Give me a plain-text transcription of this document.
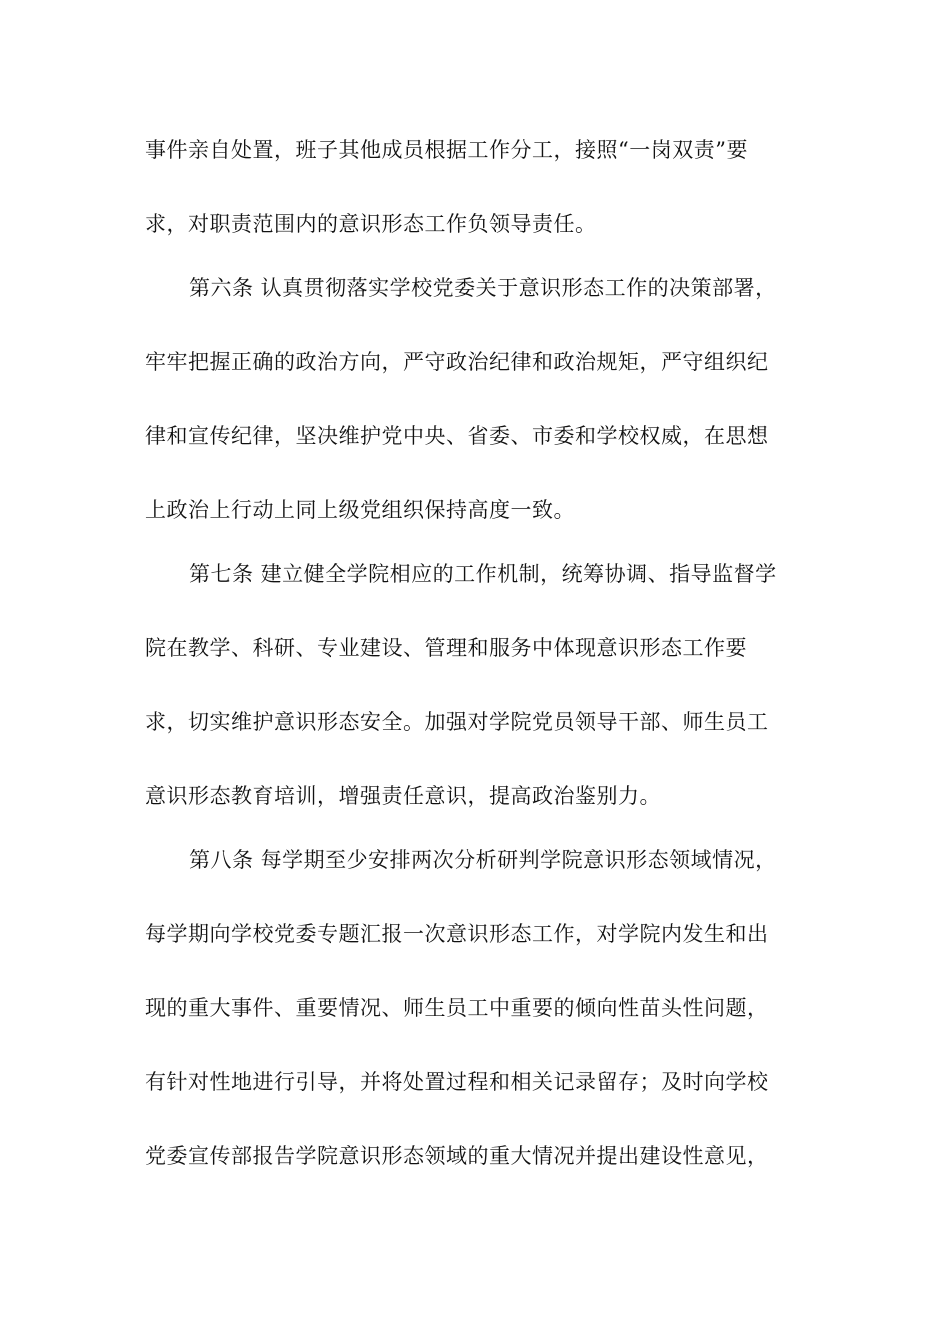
事件亲自处置，班子其他成员根据工作分工，接照“一岗双责”要
求，对职责范围内的意识形态工作负领导责任。
第六条 认真贯彻落实学校党委关于意识形态工作的决策部署，
牢牢把握正确的政治方向，严守政治纪律和政治规矩，严守组织纪
律和宣传纪律，坚决维护党中央、省委、市委和学校权威，在思想
上政治上行动上同上级党组织保持高度一致。
第七条 建立健全学院相应的工作机制，统筹协调、指导监督学
院在教学、科研、专业建设、管理和服务中体现意识形态工作要
求，切实维护意识形态安全。加强对学院党员领导干部、师生员工
意识形态教育培训，增强责任意识，提高政治鉴别力。
第八条 每学期至少安排两次分析研判学院意识形态领域情况，
每学期向学校党委专题汇报一次意识形态工作，对学院内发生和出
现的重大事件、重要情况、师生员工中重要的倾向性苗头性问题，
有针对性地进行引导，并将处置过程和相关记录留存；及时向学校
党委宣传部报告学院意识形态领域的重大情况并提出建设性意见，
